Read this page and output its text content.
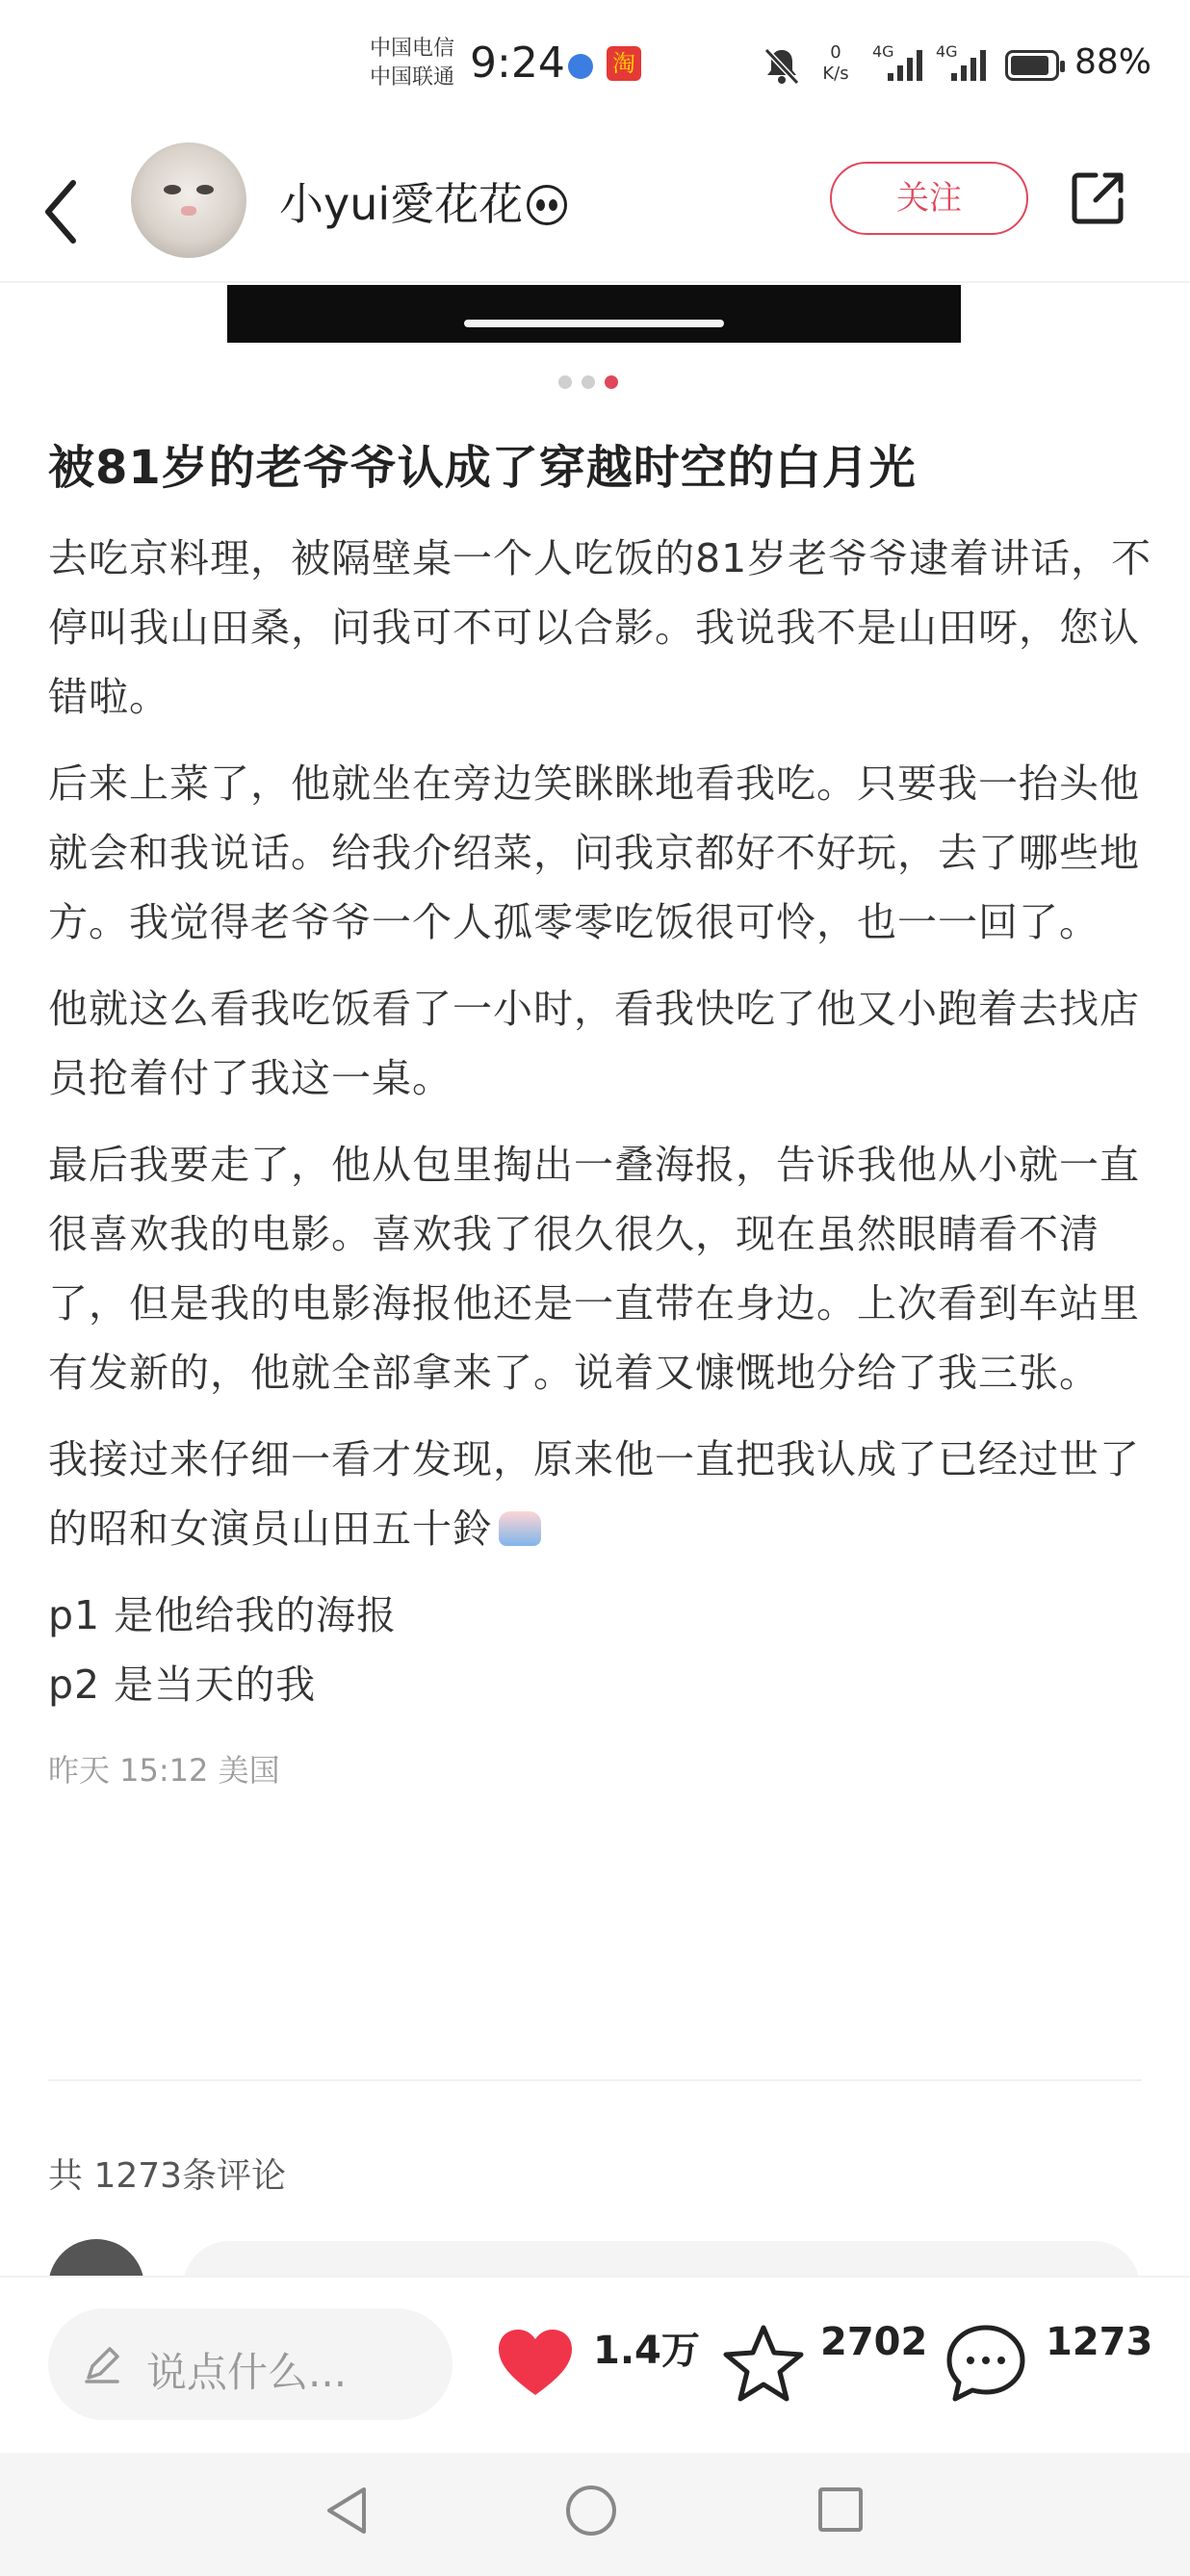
中国电信
中国联通 9:24 淘	0
K/s
4G	4G	88%
小yui愛花花	关注
被81岁的老爷爷认成了穿越时空的白月光

去吃京料理，被隔壁桌一个人吃饭的81岁老爷爷逮着讲话，不停叫我山田桑，问我可不可以合影。我说我不是山田呀，您认错啦。

后来上菜了，他就坐在旁边笑眯眯地看我吃。只要我一抬头他就会和我说话。给我介绍菜，问我京都好不好玩，去了哪些地方。我觉得老爷爷一个人孤零零吃饭很可怜，也一一回了。

他就这么看我吃饭看了一小时，看我快吃了他又小跑着去找店员抢着付了我这一桌。

最后我要走了，他从包里掏出一叠海报，告诉我他从小就一直很喜欢我的电影。喜欢我了很久很久，现在虽然眼睛看不清了，但是我的电影海报他还是一直带在身边。上次看到车站里有发新的，他就全部拿来了。说着又慷慨地分给了我三张。

我接过来仔细一看才发现，原来他一直把我认成了已经过世了的昭和女演员山田五十鈴

p1 是他给我的海报
p2 是当天的我
昨天 15:12 美国
共 1273条评论
说点什么...	1.4万	2702	1273
